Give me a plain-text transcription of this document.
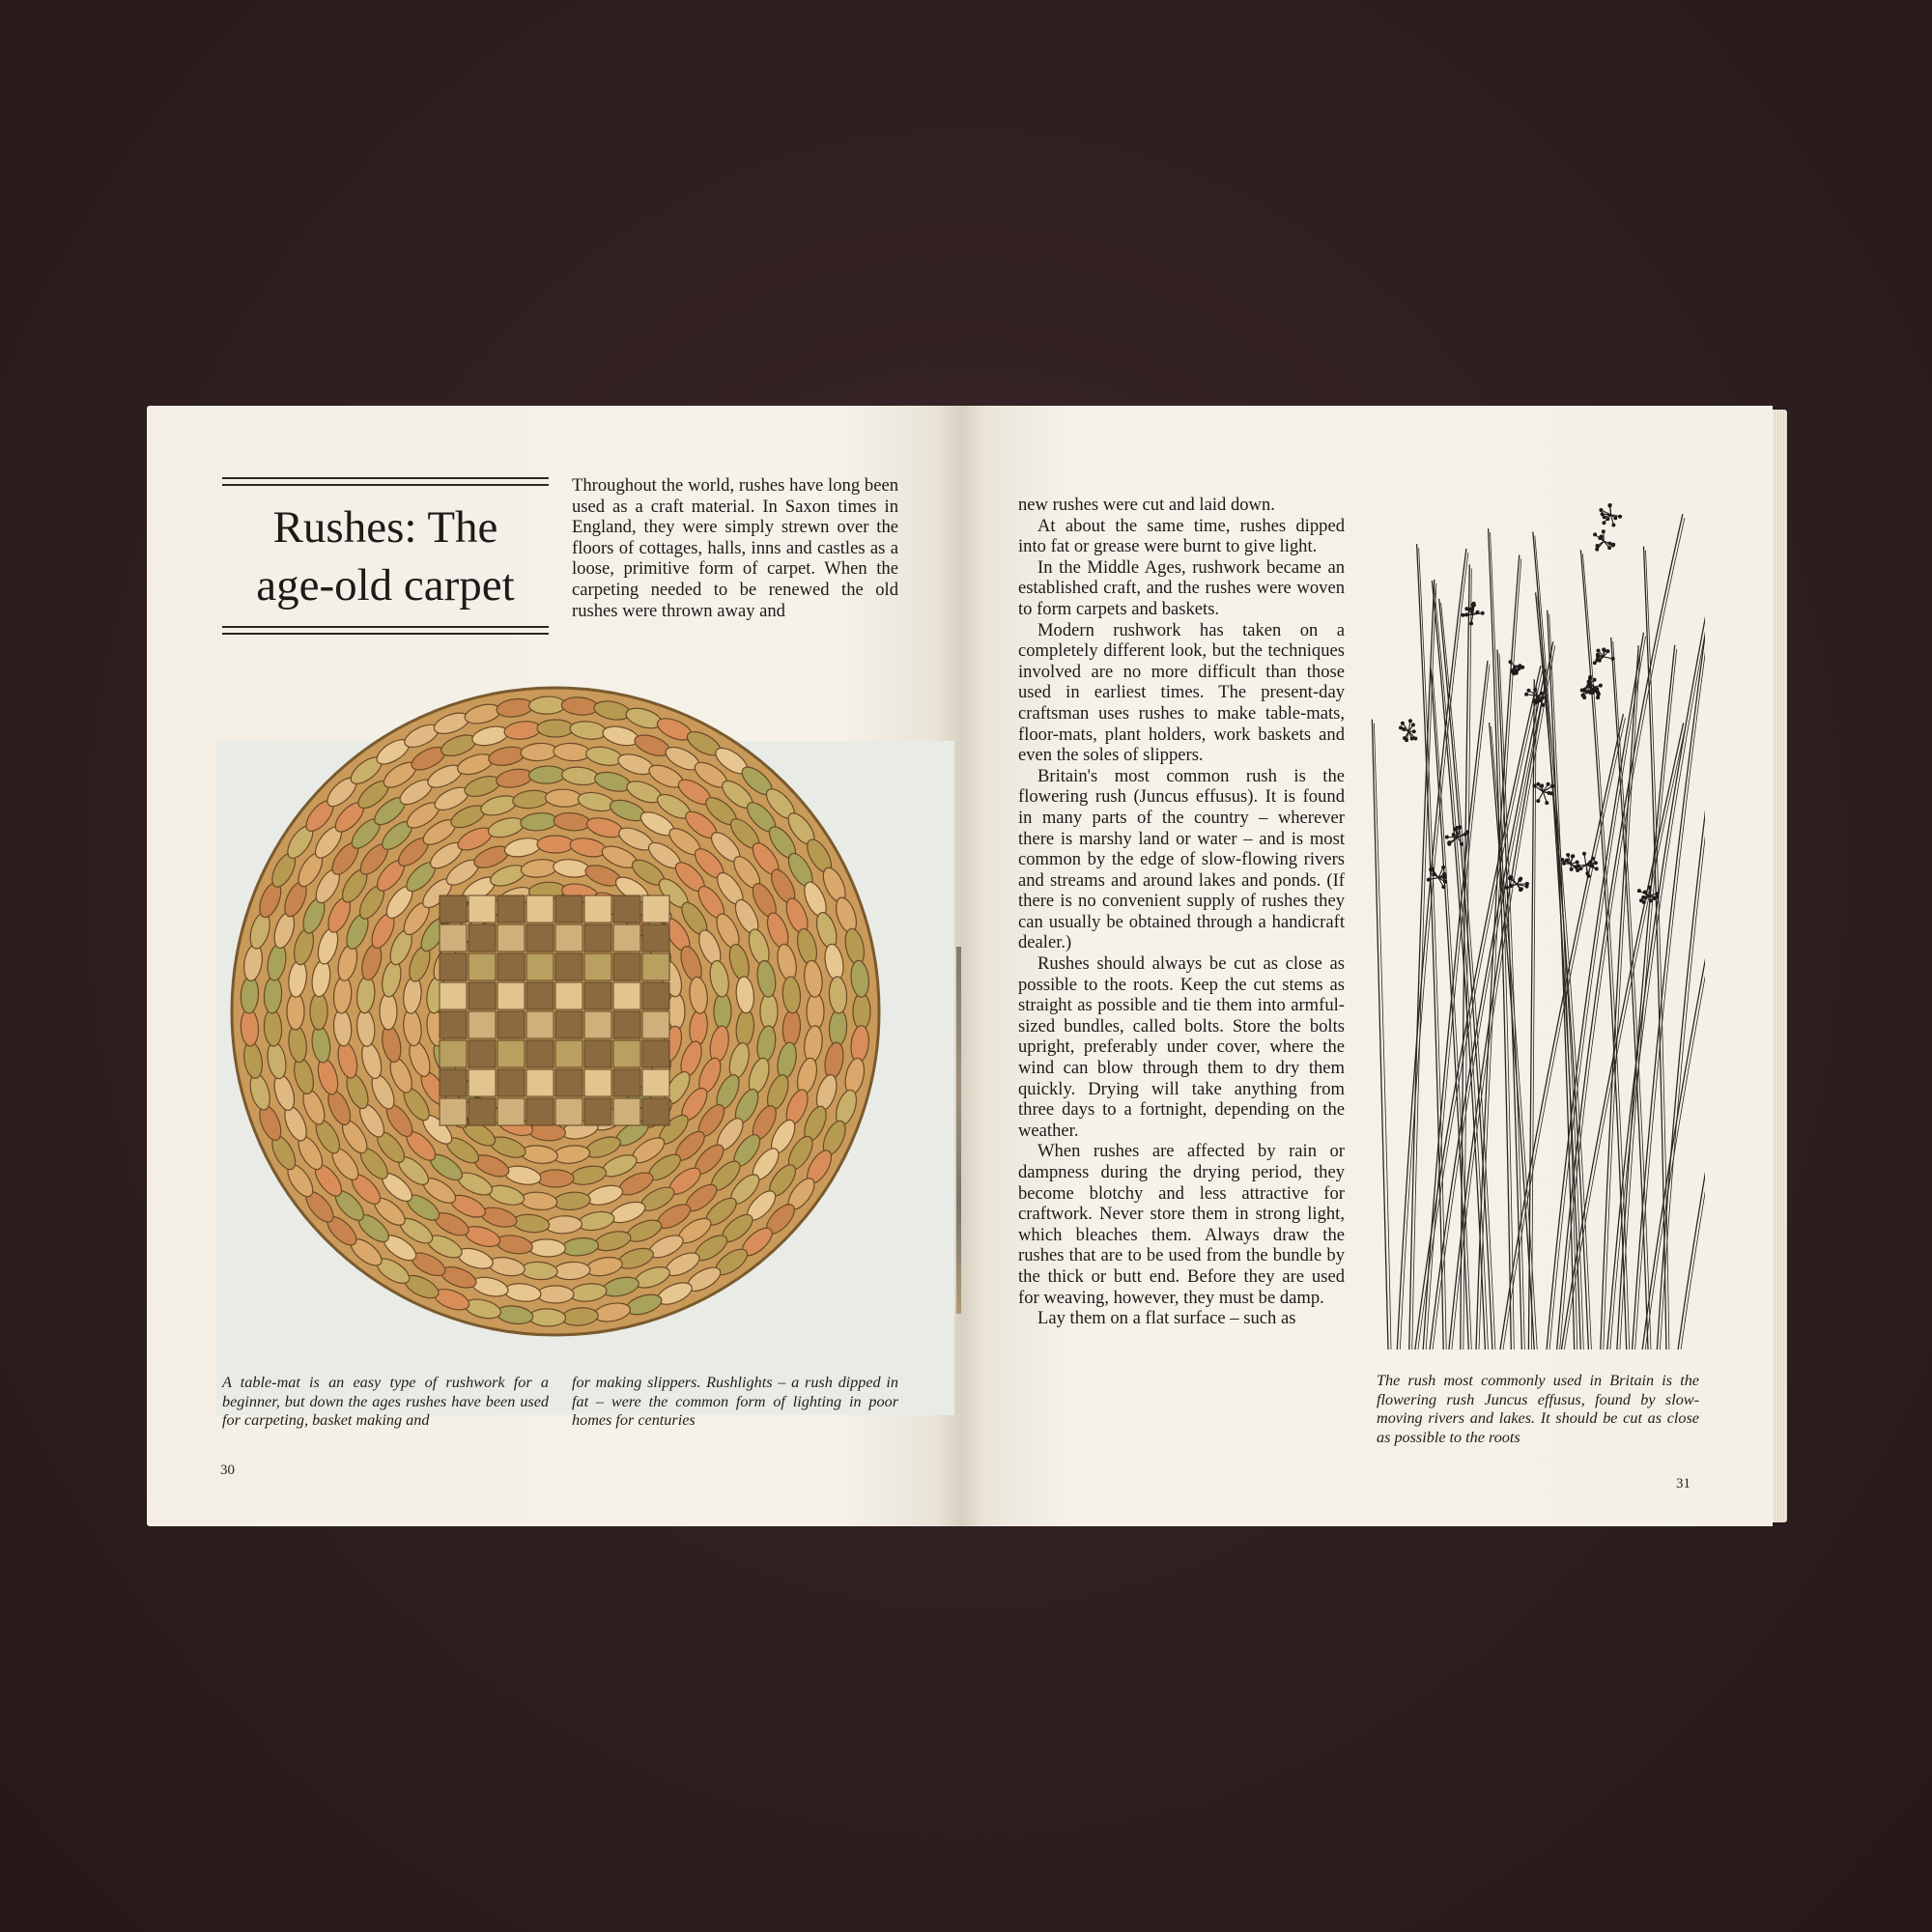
Rushes: The
age-old carpet

Throughout the world, rushes have long been used as a craft material. In Saxon times in England, they were simply strewn over the floors of cottages, halls, inns and castles as a loose, primitive form of carpet. When the carpeting needed to be renewed the old rushes were thrown away and

A table-mat is an easy type of rushwork for a beginner, but down the ages rushes have been used for carpeting, basket making and
for making slippers. Rushlights – a rush dipped in fat – were the common form of lighting in poor homes for centuries
30

new rushes were cut and laid down.

At about the same time, rushes dipped into fat or grease were burnt to give light.

In the Middle Ages, rushwork became an established craft, and the rushes were woven to form carpets and baskets.

Modern rushwork has taken on a completely different look, but the techniques involved are no more difficult than those used in earliest times. The present-day craftsman uses rushes to make table-mats, floor-mats, plant holders, work baskets and even the soles of slippers.

Britain's most common rush is the flowering rush (Juncus effusus). It is found in many parts of the country – wherever there is marshy land or water – and is most common by the edge of slow-flowing rivers and streams and around lakes and ponds. (If there is no convenient supply of rushes they can usually be obtained through a handicraft dealer.)

Rushes should always be cut as close as possible to the roots. Keep the cut stems as straight as possible and tie them into armful-sized bundles, called bolts. Store the bolts upright, preferably under cover, where the wind can blow through them to dry them quickly. Drying will take anything from three days to a fortnight, depending on the weather.

When rushes are affected by rain or dampness during the drying period, they become blotchy and less attractive for craftwork. Never store them in strong light, which bleaches them. Always draw the rushes that are to be used from the bundle by the thick or butt end. Before they are used for weaving, however, they must be damp.

Lay them on a flat surface – such as

The rush most commonly used in Britain is the flowering rush Juncus effusus, found by slow-moving rivers and lakes. It should be cut as close as possible to the roots
31
